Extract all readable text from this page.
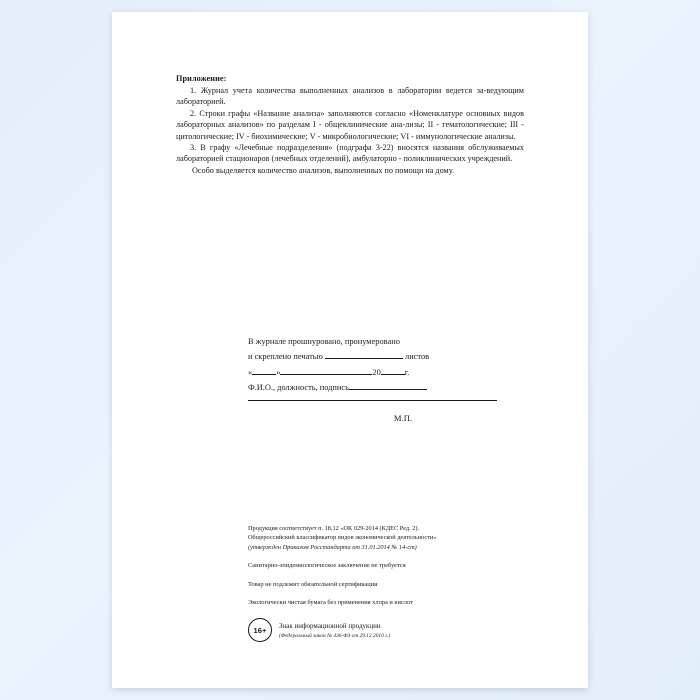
Приложение:

1. Журнал учета количества выполненных анализов в лаборатории ведется за-ведующим лабораторией.

2. Строки графы «Название анализа» заполняются согласно «Номенклатуре основных видов лабораторных анализов» по разделам I - общеклинические ана-лизы; II - гематологические; III - цитологические; IV - биохимические; V - микробиологические; VI - иммунологические анализы.

3. В графу «Лечебные подразделения» (подграфа 3-22) вносятся названия обслуживаемых лабораторией стационаров (лечебных отделений), амбулаторно - поликлинических учреждений.

Особо выделяется количество анализов, выполненных по помощи на дому.

В журнале прошнуровано, пронумеровано
и скреплено печатью	листов
«	»	20	г.
Ф.И.О., должность, подпись
М.П.
Продукция соответствует п. 18.12 «ОК 029-2014 (КДЕС Ред. 2).
Общероссийский классификатор видов экономической деятельности»
(утвержден Приказом Росстандарта от 31.01.2014 № 14-ст)
Санитарно-эпидемиологическое заключение не требуется
Товар не подлежит обязательной сертификации
Экологически чистая бумага без применения хлора и кислот
16+	Знак информационной продукции
(Федеральный закон № 436-ФЗ от 29.12.2010 г.)
